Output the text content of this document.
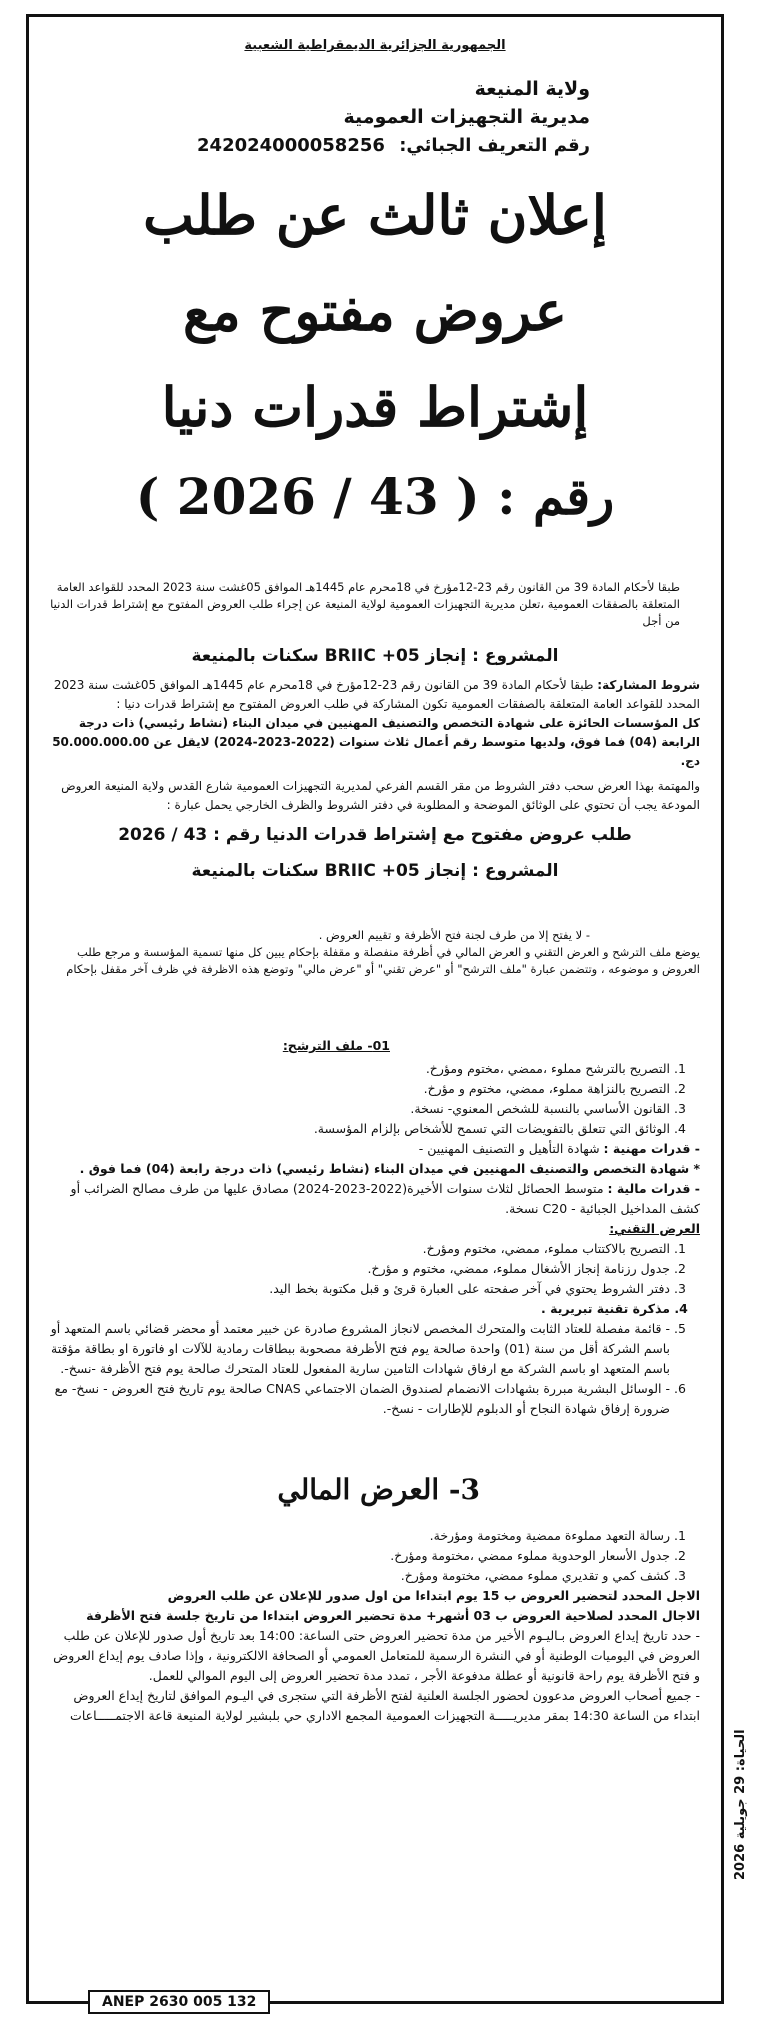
الحياة: 29 جويلية 2026
الجمهورية الجزائرية الديمقراطية الشعبية
ولاية المنيعة
مديرية التجهيزات العمومية
رقم التعريف الجبائي: 242024000058256
إعلان ثالث عن طلب
عروض مفتوح مع
إشتراط قدرات دنيا
رقم : ( 43 / 2026 )
طبقا لأحكام المادة 39 من القانون رقم 23-12مؤرخ في 18محرم عام 1445هـ الموافق 05غشت سنة 2023 المحدد للقواعد العامة المتعلقة بالصفقات العمومية ،تعلن مديرية التجهيزات العمومية لولاية المنيعة عن إجراء طلب العروض المفتوح مع إشتراط قدرات الدنيا من أجل
المشروع : إنجاز BRIIC +05 سكنات بالمنيعة
شروط المشاركة: طبقا لأحكام المادة 39 من القانون رقم 23-12مؤرخ في 18محرم عام 1445هـ الموافق 05غشت سنة 2023 المحدد للقواعد العامة المتعلقة بالصفقات العمومية تكون المشاركة في طلب العروض المفتوح مع إشتراط قدرات دنيا :
كل المؤسسات الحائزة على شهادة التخصص والتصنيف المهنيين في ميدان البناء (نشاط رئيسي) ذات درجة الرابعة (04) فما فوق، ولديها متوسط رقم أعمال ثلاث سنوات (2022-2023-2024) لايقل عن 50.000.000.00 دج.
والمهتمة بهذا العرض سحب دفتر الشروط من مقر القسم الفرعي لمديرية التجهيزات العمومية شارع القدس ولاية المنيعة العروض المودعة يجب أن تحتوي على الوثائق الموضحة و المطلوبة في دفتر الشروط والظرف الخارجي يحمل عبارة :
طلب عروض مفتوح مع إشتراط قدرات الدنيا رقم : 43 / 2026
المشروع : إنجاز BRIIC +05 سكنات بالمنيعة
- لا يفتح إلا من طرف لجنة فتح الأظرفة و تقييم العروض .
يوضع ملف الترشح و العرض التقني و العرض المالي في أظرفة منفصلة و مقفلة بإحكام يبين كل منها تسمية المؤسسة و مرجع طلب العروض و موضوعه ، وتتضمن عبارة "ملف الترشح" أو "عرض تقني" أو "عرض مالي" وتوضع هذه الاظرفة في ظرف آخر مقفل بإحكام
01- ملف الترشح:
1. التصريح بالترشح مملوء ،ممضي ،مختوم ومؤرخ.
2. التصريح بالنزاهة مملوء، ممضي، مختوم و مؤرخ.
3. القانون الأساسي بالنسبة للشخص المعنوي- نسخة.
4. الوثائق التي تتعلق بالتفويضات التي تسمح للأشخاص بإلزام المؤسسة.
- قدرات مهنية : شهادة التأهيل و التصنيف المهنيين -
* شهادة التخصص والتصنيف المهنيين في ميدان البناء (نشاط رئيسي) ذات درجة رابعة (04) فما فوق .
- قدرات مالية : متوسط الحصائل لثلاث سنوات الأخيرة(2022-2023-2024) مصادق عليها من طرف مصالح الضرائب أو كشف المداخيل الجبائية - C20 نسخة.
العرض التقني:
1. التصريح بالاكتتاب مملوء، ممضي، مختوم ومؤرخ.
2. جدول رزنامة إنجاز الأشغال مملوء، ممضي، مختوم و مؤرخ.
3. دفتر الشروط يحتوي في آخر صفحته على العبارة قرئ و قبل مكتوبة بخط اليد.
4. مذكرة تقنية تبريرية .
5. - قائمة مفصلة للعتاد الثابت والمتحرك المخصص لانجاز المشروع صادرة عن خبير معتمد أو محضر قضائي باسم المتعهد أو باسم الشركة أقل من سنة (01) واحدة صالحة يوم فتح الأظرفة مصحوبة ببطاقات رمادية للآلات او فاتورة او بطاقة مؤقتة باسم المتعهد او باسم الشركة مع ارفاق شهادات التامين سارية المفعول للعتاد المتحرك صالحة يوم فتح الأظرفة -نسخ-.
6. - الوسائل البشرية مبررة بشهادات الانضمام لصندوق الضمان الاجتماعي CNAS صالحة يوم تاريخ فتح العروض - نسخ- مع ضرورة إرفاق شهادة النجاح أو الدبلوم للإطارات - نسخ-.
3- العرض المالي
1. رسالة التعهد مملوءة ممضية ومختومة ومؤرخة.
2. جدول الأسعار الوحدوية مملوء ممضي ،مختومة ومؤرخ.
3. كشف كمي و تقديري مملوء ممضي، مختومة ومؤرخ.
الاجل المحدد لتحضير العروض ب 15 يوم ابتداءا من اول صدور للإعلان عن طلب العروض
الاجال المحدد لصلاحية العروض ب 03 أشهر+ مدة تحضير العروض ابتداءا من تاريخ جلسة فتح الأظرفة
- حدد تاريخ إيداع العروض بـاليـوم الأخير من مدة تحضير العروض حتى الساعة: 14:00 بعد تاريخ أول صدور للإعلان عن طلب العروض في اليوميات الوطنية أو في النشرة الرسمية للمتعامل العمومي أو الصحافة الالكترونية ، وإذا صادف يوم إيداع العروض و فتح الأظرفة يوم راحة قانونية أو عطلة مدفوعة الأجر ، تمدد مدة تحضير العروض إلى اليوم الموالي للعمل.
- جميع أصحاب العروض مدعوون لحضور الجلسة العلنية لفتح الأظرفة التي ستجرى في اليـوم الموافق لتاريخ إيداع العروض ابتداء من الساعة 14:30 بمقر مديريـــــة التجهيزات العمومية المجمع الاداري حي بلبشير لولاية المنيعة قاعة الاجتمـــــاعات
ANEP 2630 005 132
